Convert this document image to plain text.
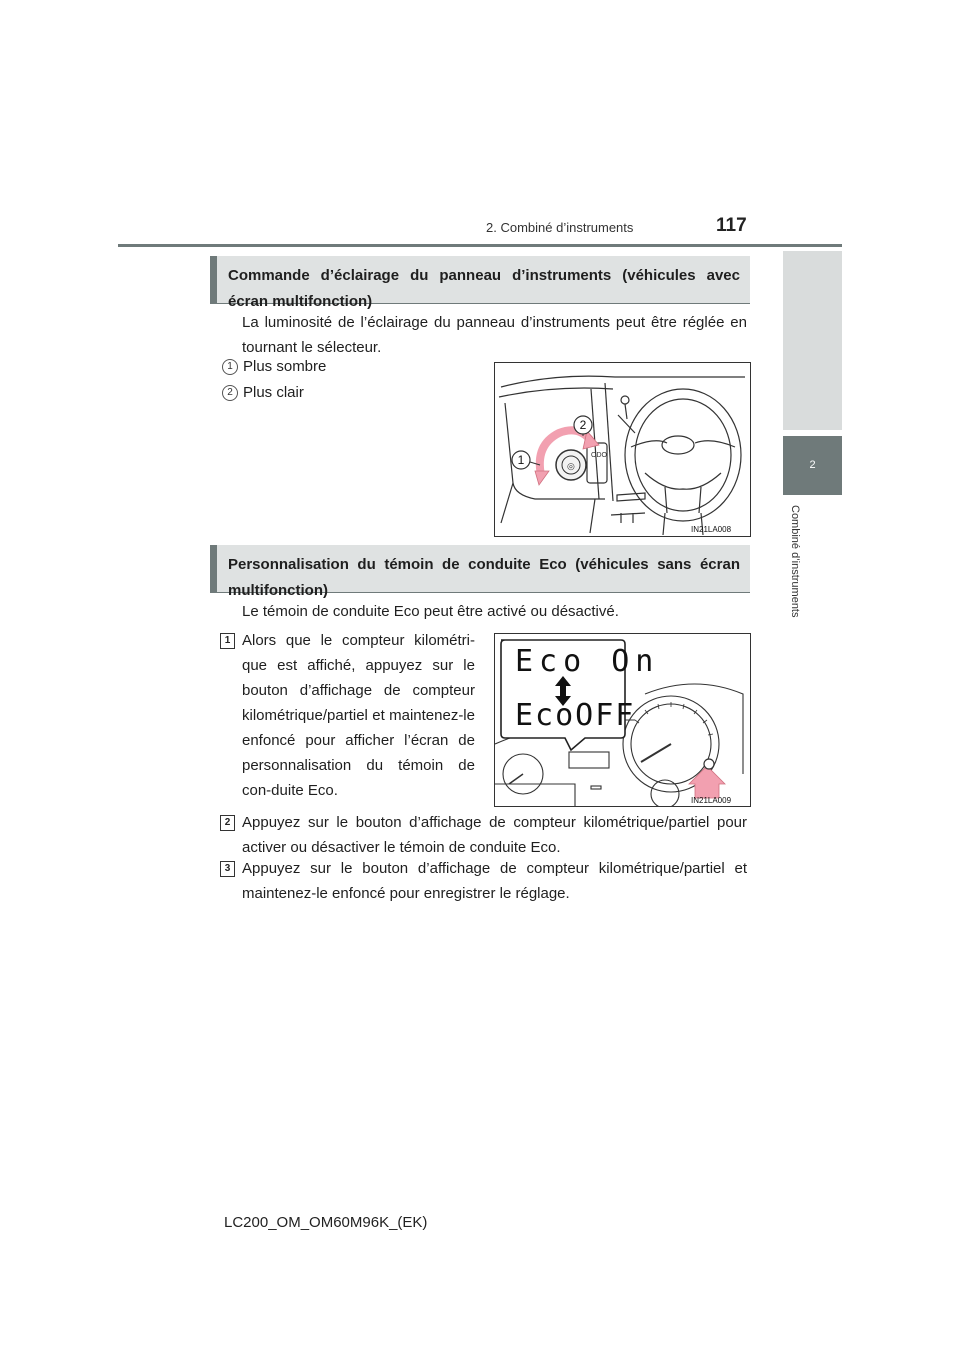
2. Combiné d’instruments	117
2
Combiné d’instruments
Commande d’éclairage du panneau d’instruments (véhicules avec écran multifonction)
La luminosité de l’éclairage du panneau d’instruments peut être réglée en tournant le sélecteur.
1 Plus sombre
2 Plus clair
◎
ODO
1
2
IN21LA008
Personnalisation du témoin de conduite Eco (véhicules sans écran multifonction)
Le témoin de conduite Eco peut être activé ou désactivé.
1 Alors que le compteur kilométri-que est affiché, appuyez sur le bouton d’affichage de compteur kilométrique/partiel et maintenez-le enfoncé pour afficher l’écran de personnalisation du témoin de con-duite Eco.
Eco On
EcoOFF
IN21LA009
2 Appuyez sur le bouton d’affichage de compteur kilométrique/partiel pour activer ou désactiver le témoin de conduite Eco.
3 Appuyez sur le bouton d’affichage de compteur kilométrique/partiel et maintenez-le enfoncé pour enregistrer le réglage.
LC200_OM_OM60M96K_(EK)
